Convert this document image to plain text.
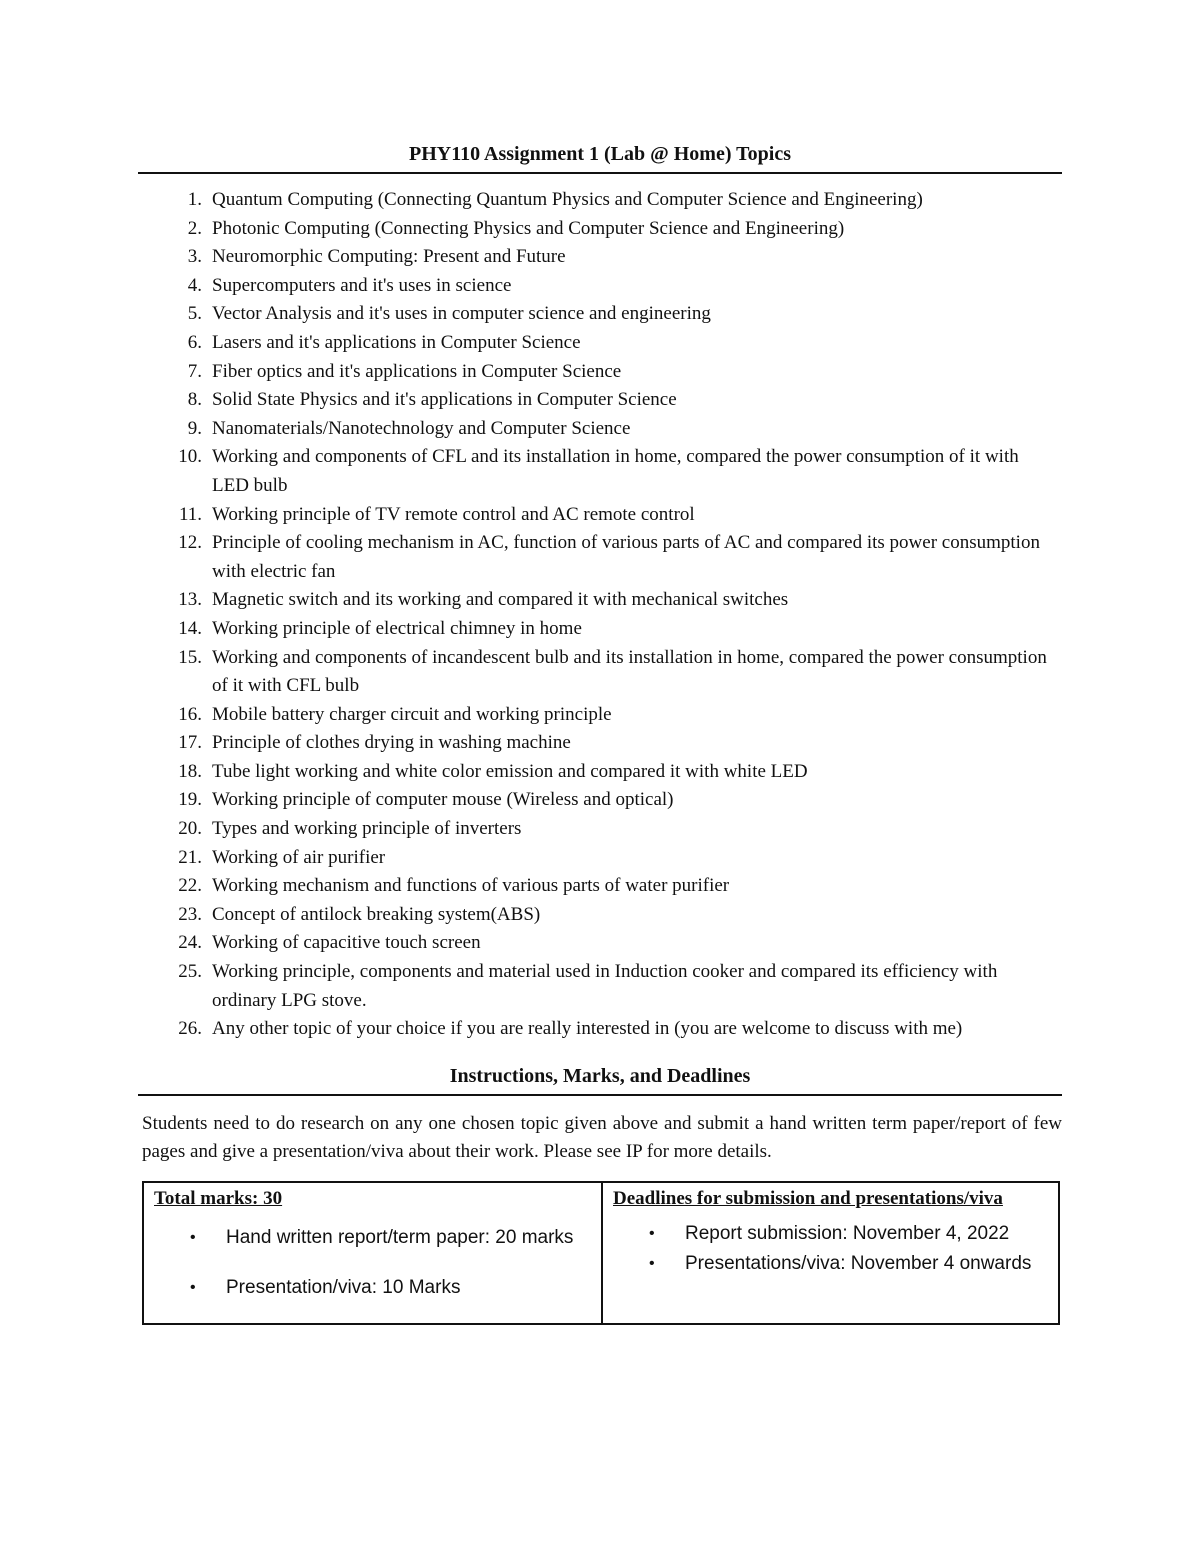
PHY110 Assignment 1 (Lab @ Home) Topics
1. Quantum Computing (Connecting Quantum Physics and Computer Science and Engineering)
2. Photonic Computing (Connecting Physics and Computer Science and Engineering)
3. Neuromorphic Computing: Present and Future
4. Supercomputers and it's uses in science
5. Vector Analysis and it's uses in computer science and engineering
6. Lasers and it's applications in Computer Science
7. Fiber optics and it's applications in Computer Science
8. Solid State Physics and it's applications in Computer Science
9. Nanomaterials/Nanotechnology and Computer Science
10. Working and components of CFL and its installation in home, compared the power consumption of it with LED bulb
11. Working principle of TV remote control and AC remote control
12. Principle of cooling mechanism in AC, function of various parts of AC and compared its power consumption with electric fan
13. Magnetic switch and its working and compared it with mechanical switches
14. Working principle of electrical chimney in home
15. Working and components of incandescent bulb and its installation in home, compared the power consumption of it with CFL bulb
16. Mobile battery charger circuit and working principle
17. Principle of clothes drying in washing machine
18. Tube light working and white color emission and compared it with white LED
19. Working principle of computer mouse (Wireless and optical)
20. Types and working principle of inverters
21. Working of air purifier
22. Working mechanism and functions of various parts of water purifier
23. Concept of antilock breaking system(ABS)
24. Working of capacitive touch screen
25. Working principle, components and material used in Induction cooker and compared its efficiency with ordinary LPG stove.
26. Any other topic of your choice if you are really interested in (you are welcome to discuss with me)
Instructions, Marks, and Deadlines

Students need to do research on any one chosen topic given above and submit a hand written term paper/report of few pages and give a presentation/viva about their work. Please see IP for more details.

Total marks: 30
• Hand written report/term paper: 20 marks
• Presentation/viva: 10 Marks

Deadlines for submission and presentations/viva
• Report submission: November 4, 2022
• Presentations/viva: November 4 onwards
